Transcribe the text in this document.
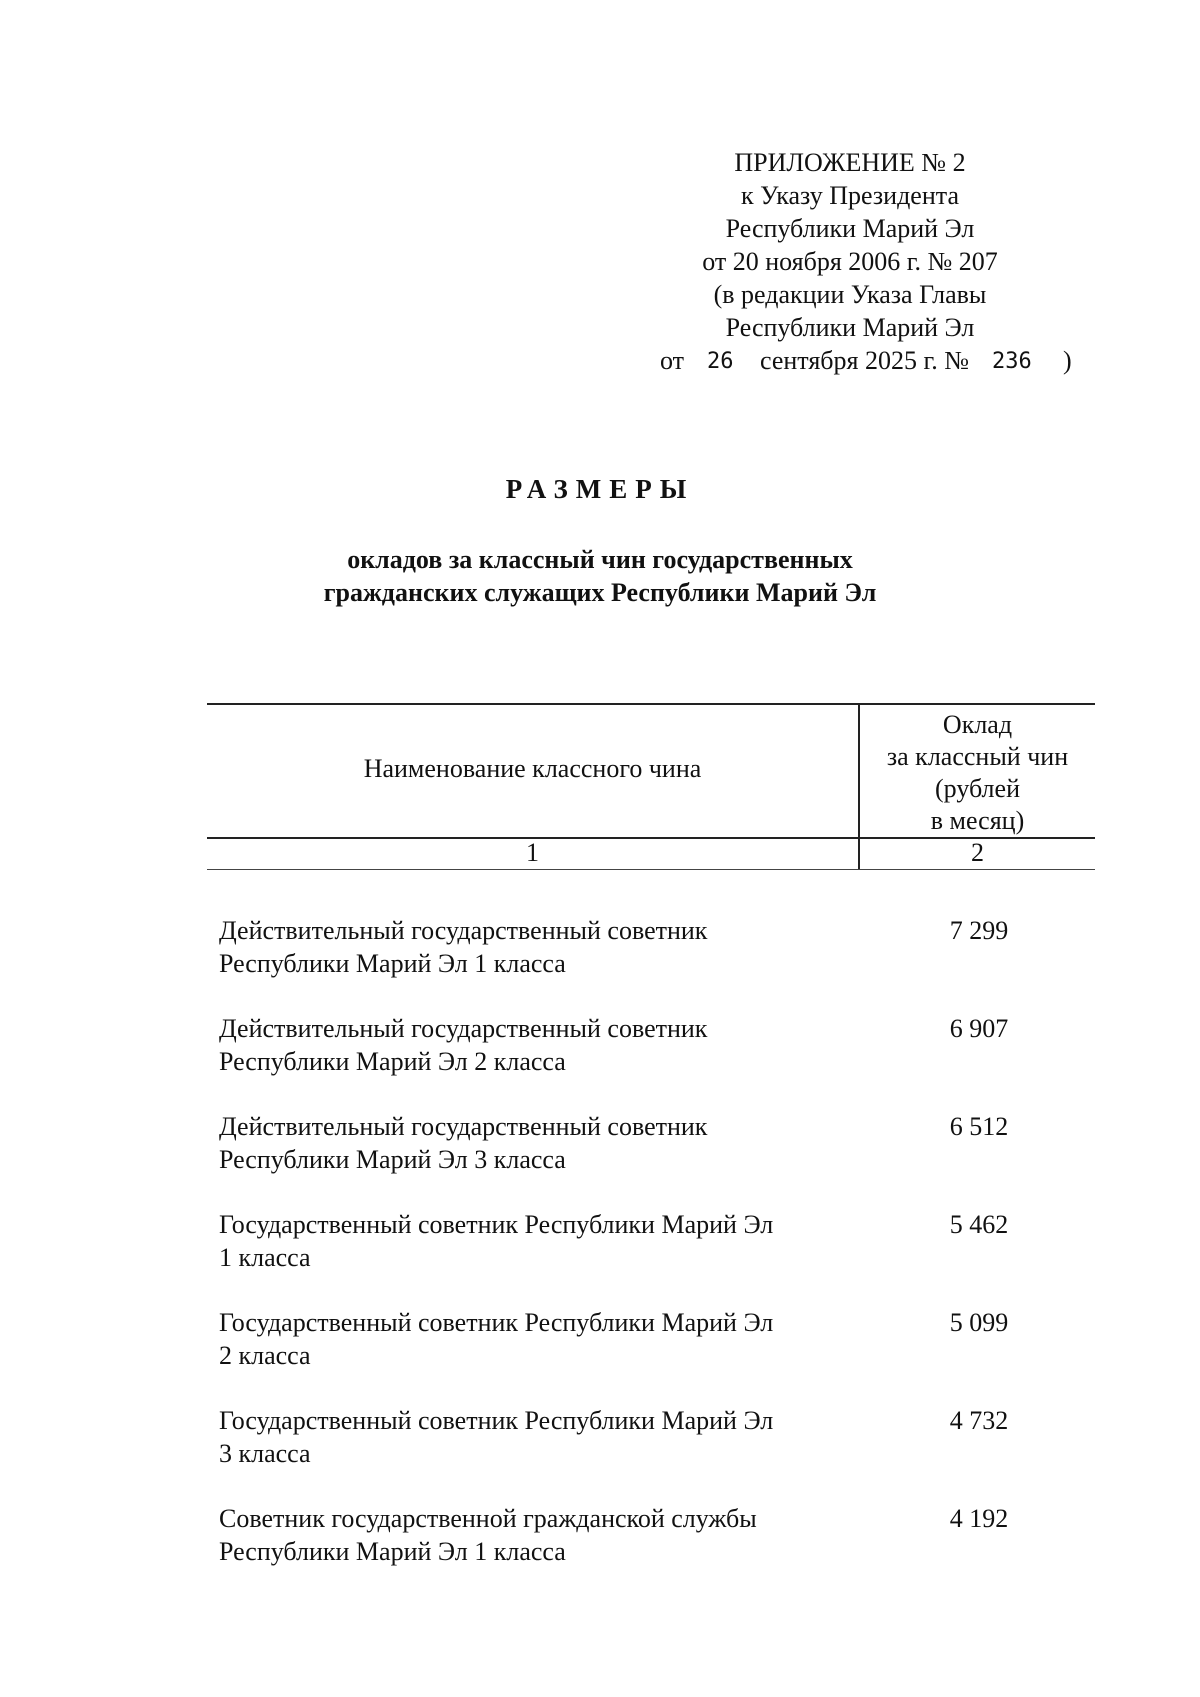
ПРИЛОЖЕНИЕ № 2
к Указу Президента
Республики Марий Эл
от 20 ноября 2006 г. № 207
(в редакции Указа Главы
Республики Марий Эл
от 26 сентября 2025 г. № 236 )
РАЗМЕРЫ
окладов за классный чин государственных
гражданских служащих Республики Марий Эл
Наименование классного чина
Оклад
за классный чин
(рублей
в месяц)
1	2
Действительный государственный советник
Республики Марий Эл 1 класса
7 299
Действительный государственный советник
Республики Марий Эл 2 класса
6 907
Действительный государственный советник
Республики Марий Эл 3 класса
6 512
Государственный советник Республики Марий Эл
1 класса
5 462
Государственный советник Республики Марий Эл
2 класса
5 099
Государственный советник Республики Марий Эл
3 класса
4 732
Советник государственной гражданской службы
Республики Марий Эл 1 класса
4 192
